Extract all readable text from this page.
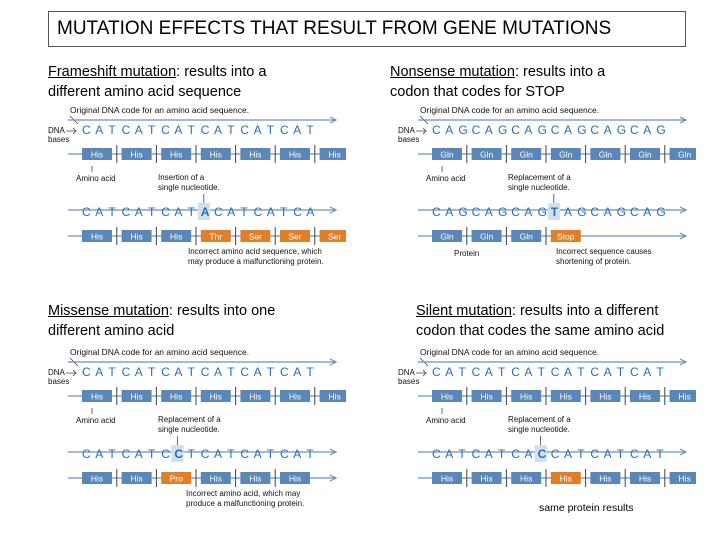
MUTATION EFFECTS THAT RESULT FROM GENE MUTATIONS
Frameshift mutation: results into a
different amino acid sequence
Nonsense mutation: results into a
codon that codes for STOP
Missense mutation: results into one
different amino acid
Silent mutation: results into a different
codon that codes the same amino acid
Original DNA code for an amino acid sequence.
DNA
bases
C A T C A T C A T C A T C A T C A T
His	His	His	His	His	His	His
Amino acid	Insertion of a
single nucleotide.
C A T C A T C A T A C A T C A T C A
His	His	His	Thr	Ser	Ser	Ser
Incorrect amino acid sequence, which
may produce a malfunctioning protein.
Original DNA code for an amino acid sequence.
DNA
bases
C A G C A G C A G C A G C A G C A G
Gln	Gln	Gln	Gln	Gln	Gln	Gln
Amino acid	Replacement of a
single nucleotide.
C A G C A G C A G T A G C A G C A G
Gln	Gln	Gln	Stop
Protein	Incorrect sequence causes
shortening of protein.
Original DNA code for an amino acid sequence.
DNA
bases
C A T C A T C A T C A T C A T C A T
His	His	His	His	His	His	His
Amino acid	Replacement of a
single nucleotide.
C A T C A T C C T C A T C A T C A T
His	His	Pro	His	His	His
Incorrect amino acid, which may
produce a malfunctioning protein.
Original DNA code for an amino acid sequence.
DNA
bases
C A T C A T C A T C A T C A T C A T
His	His	His	His	His	His	His
Amino acid	Replacement of a
single nucleotide.
C A T C A T C A C C A T C A T C A T
His	His	His	His	His	His	His
same protein results
